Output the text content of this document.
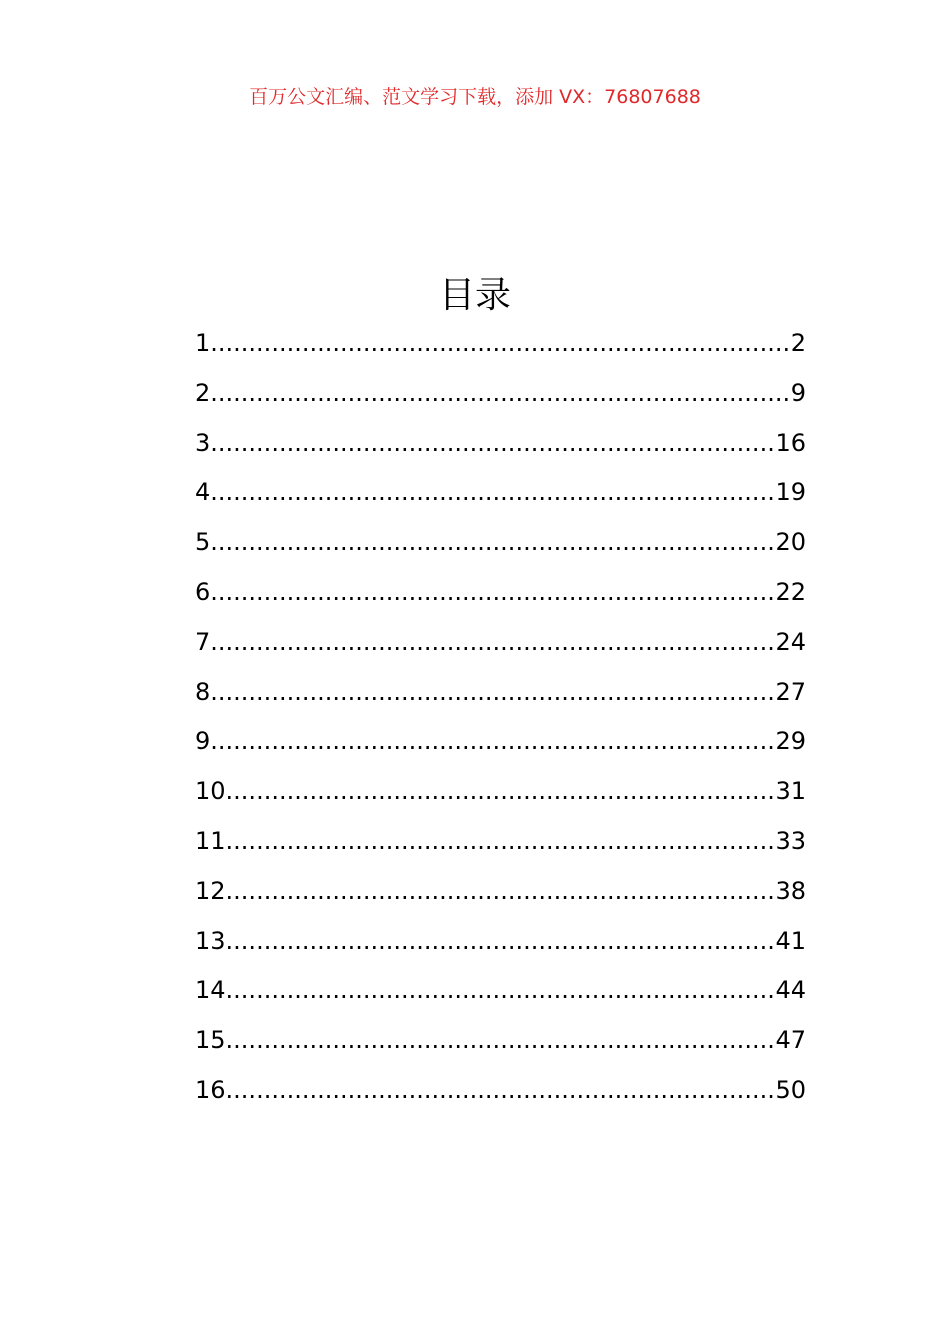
百万公文汇编、范文学习下载，添加 VX：76807688
目录
1 .....	2
2 .....	9
3 .....	16
4 .....	19
5 .....	20
6 .....	22
7 .....	24
8 .....	27
9 .....	29
10 .....	31
11 .....	33
12 .....	38
13 .....	41
14 .....	44
15 .....	47
16 .....	50
